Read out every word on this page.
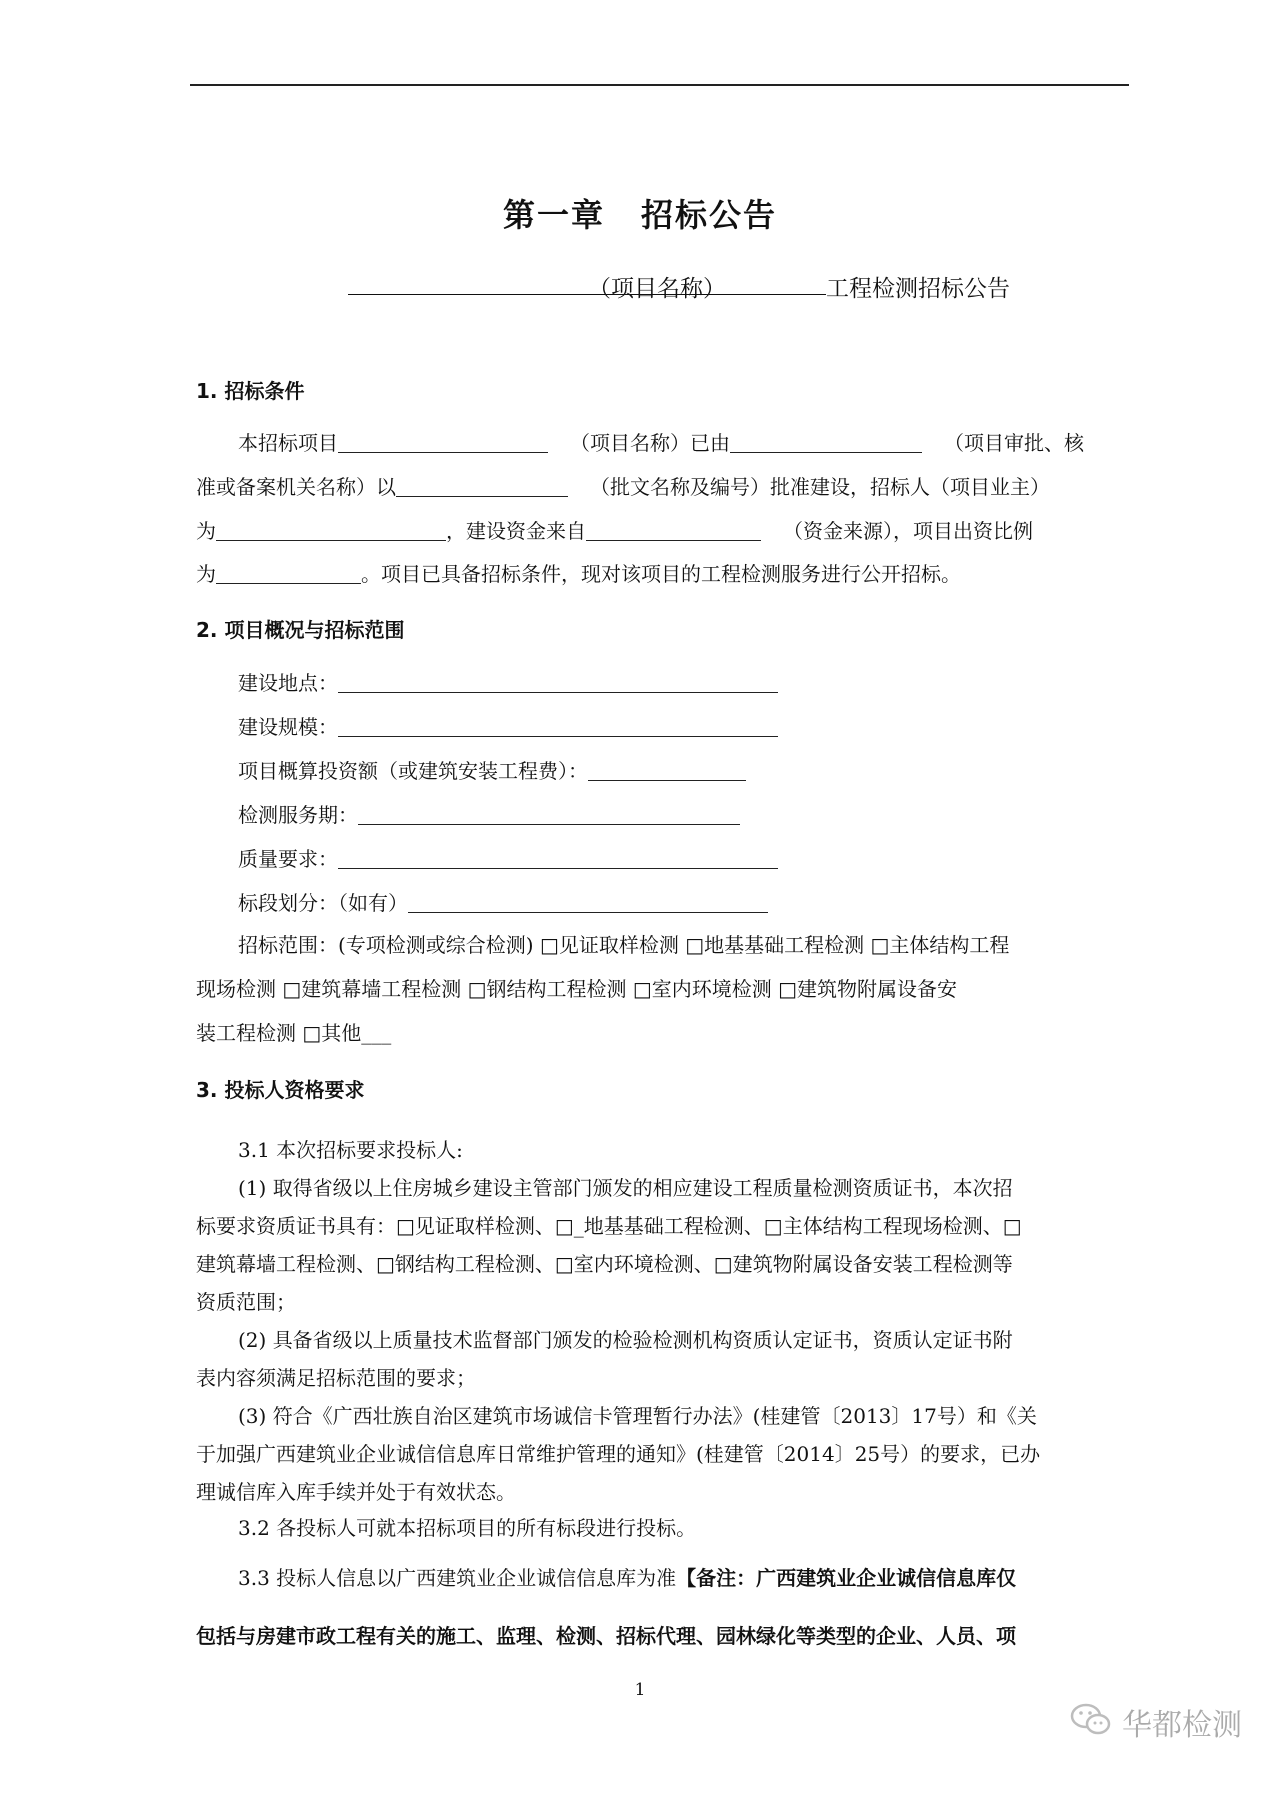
第一章 招标公告
（项目名称）	工程检测招标公告
1. 招标条件
本招标项目	（项目名称）已由	（项目审批、核
准或备案机关名称）以	（批文名称及编号）批准建设，招标人（项目业主）
为	，建设资金来自	（资金来源），项目出资比例
为	。项目已具备招标条件，现对该项目的工程检测服务进行公开招标。
2. 项目概况与招标范围
建设地点：
建设规模：
项目概算投资额（或建筑安装工程费）：
检测服务期：
质量要求：
标段划分：（如有）
招标范围：(专项检测或综合检测) □见证取样检测 □地基基础工程检测 □主体结构工程
现场检测 □建筑幕墙工程检测 □钢结构工程检测 □室内环境检测 □建筑物附属设备安
装工程检测 □其他___
3. 投标人资格要求
3.1 本次招标要求投标人:
(1) 取得省级以上住房城乡建设主管部门颁发的相应建设工程质量检测资质证书，本次招
标要求资质证书具有：□见证取样检测、□_地基基础工程检测、□主体结构工程现场检测、□
建筑幕墙工程检测、□钢结构工程检测、□室内环境检测、□建筑物附属设备安装工程检测等
资质范围；
(2) 具备省级以上质量技术监督部门颁发的检验检测机构资质认定证书，资质认定证书附
表内容须满足招标范围的要求；
(3) 符合《广西壮族自治区建筑市场诚信卡管理暂行办法》(桂建管〔2013〕17号）和《关
于加强广西建筑业企业诚信信息库日常维护管理的通知》(桂建管〔2014〕25号）的要求，已办
理诚信库入库手续并处于有效状态。
3.2 各投标人可就本招标项目的所有标段进行投标。
3.3 投标人信息以广西建筑业企业诚信信息库为准【备注：广西建筑业企业诚信信息库仅
包括与房建市政工程有关的施工、监理、检测、招标代理、园林绿化等类型的企业、人员、项
1
华都检测
